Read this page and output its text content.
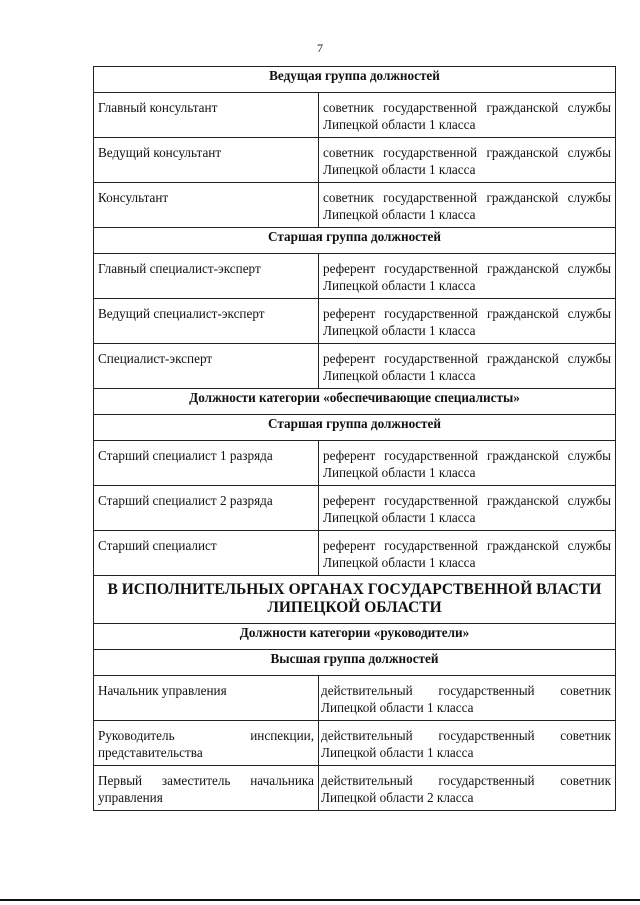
7
Ведущая группа должностей	
Главный консультант	советник государственной гражданской службы Липецкой области 1 класса
Ведущий консультант	советник государственной гражданской службы Липецкой области 1 класса
Консультант	советник государственной гражданской службы Липецкой области 1 класса
Старшая группа должностей	
Главный специалист-эксперт	референт государственной гражданской службы Липецкой области 1 класса
Ведущий специалист-эксперт	референт государственной гражданской службы Липецкой области 1 класса
Специалист-эксперт	референт государственной гражданской службы Липецкой области 1 класса
Должности категории «обеспечивающие специалисты»	
Старшая группа должностей	
Старший специалист 1 разряда	референт государственной гражданской службы Липецкой области 1 класса
Старший специалист 2 разряда	референт государственной гражданской службы Липецкой области 1 класса
Старший специалист	референт государственной гражданской службы Липецкой области 1 класса
В ИСПОЛНИТЕЛЬНЫХ ОРГАНАХ ГОСУДАРСТВЕННОЙ ВЛАСТИ ЛИПЕЦКОЙ ОБЛАСТИ	
Должности категории «руководители»	
Высшая группа должностей	
Начальник управления	действительный государственный советник Липецкой области 1 класса
Руководитель инспекции, представительства	действительный государственный советник Липецкой области 1 класса
Первый заместитель начальника управления	действительный государственный советник Липецкой области 2 класса
